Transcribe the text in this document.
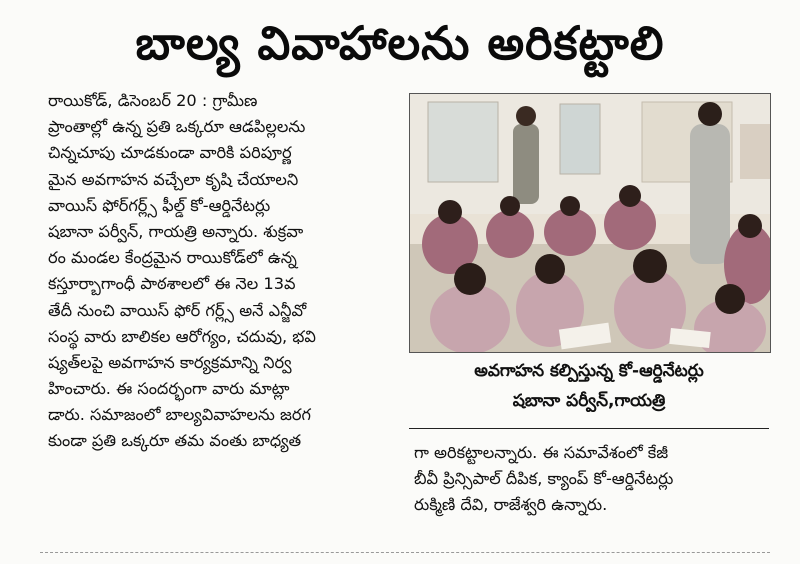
బాల్య వివాహాలను అరికట్టాలి
రాయికోడ్, డిసెంబర్ 20 : గ్రామీణ
ప్రాంతాల్లో ఉన్న ప్రతి ఒక్కరూ ఆడపిల్లలను
చిన్నచూపు చూడకుండా వారికి పరిపూర్ణ
మైన అవగాహన వచ్చేలా కృషి చేయాలని
వాయిస్ ఫోర్‌గర్ల్స్ ఫీల్డ్ కో-ఆర్డినేటర్లు
షబానా పర్వీన్, గాయత్రి అన్నారు. శుక్రవా
రం మండల కేంద్రమైన రాయికోడ్‌లో ఉన్న
కస్తూర్బాగాంధీ పాఠశాలలో ఈ నెల 13వ
తేదీ నుంచి వాయిస్ ఫోర్ గర్ల్స్ అనే ఎన్జీవో
సంస్థ వారు బాలికల ఆరోగ్యం, చదువు, భవి
ష్యత్‌లపై అవగాహన కార్యక్రమాన్ని నిర్వ
హించారు. ఈ సందర్భంగా వారు మాట్లా
డారు. సమాజంలో బాల్యవివాహలను జరగ
కుండా ప్రతి ఒక్కరూ తమ వంతు బాధ్యత
అవగాహన కల్పిస్తున్న కో-ఆర్డినేటర్లు
షబానా పర్వీన్,గాయత్రి
గా అరికట్టాలన్నారు. ఈ సమావేశంలో కేజీ
బీవీ ప్రిన్సిపాల్ దీపిక, క్యాంప్ కో-ఆర్డినేటర్లు
రుక్మిణి దేవి, రాజేశ్వరి ఉన్నారు.
